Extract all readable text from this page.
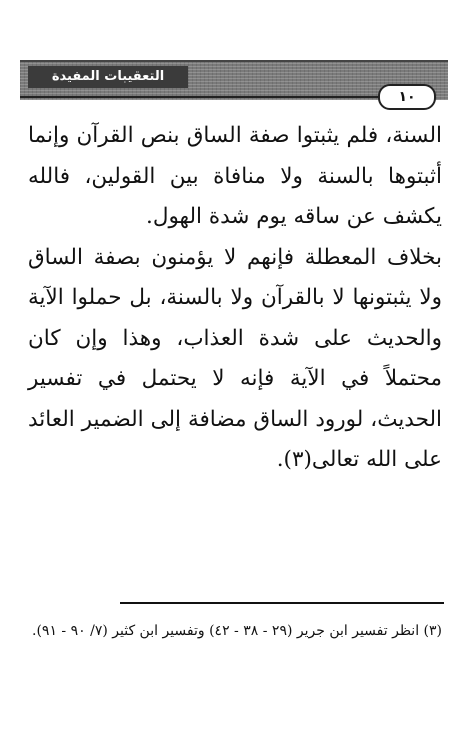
التعقيبات المفيدة
١٠

السنة، فلم يثبتوا صفة الساق بنص القرآن وإنما أثبتوها بالسنة ولا منافاة بين القولين، فالله يكشف عن ساقه يوم شدة الهول.

بخلاف المعطلة فإنهم لا يؤمنون بصفة الساق ولا يثبتونها لا بالقرآن ولا بالسنة، بل حملوا الآية والحديث على شدة العذاب، وهذا وإن كان محتملاً في الآية فإنه لا يحتمل في تفسير الحديث، لورود الساق مضافة إلى الضمير العائد على الله تعالى(٣).

(٣) انظر تفسير ابن جرير (٢٩ - ٣٨ - ٤٢) وتفسير ابن كثير (٧/ ٩٠ - ٩١).
